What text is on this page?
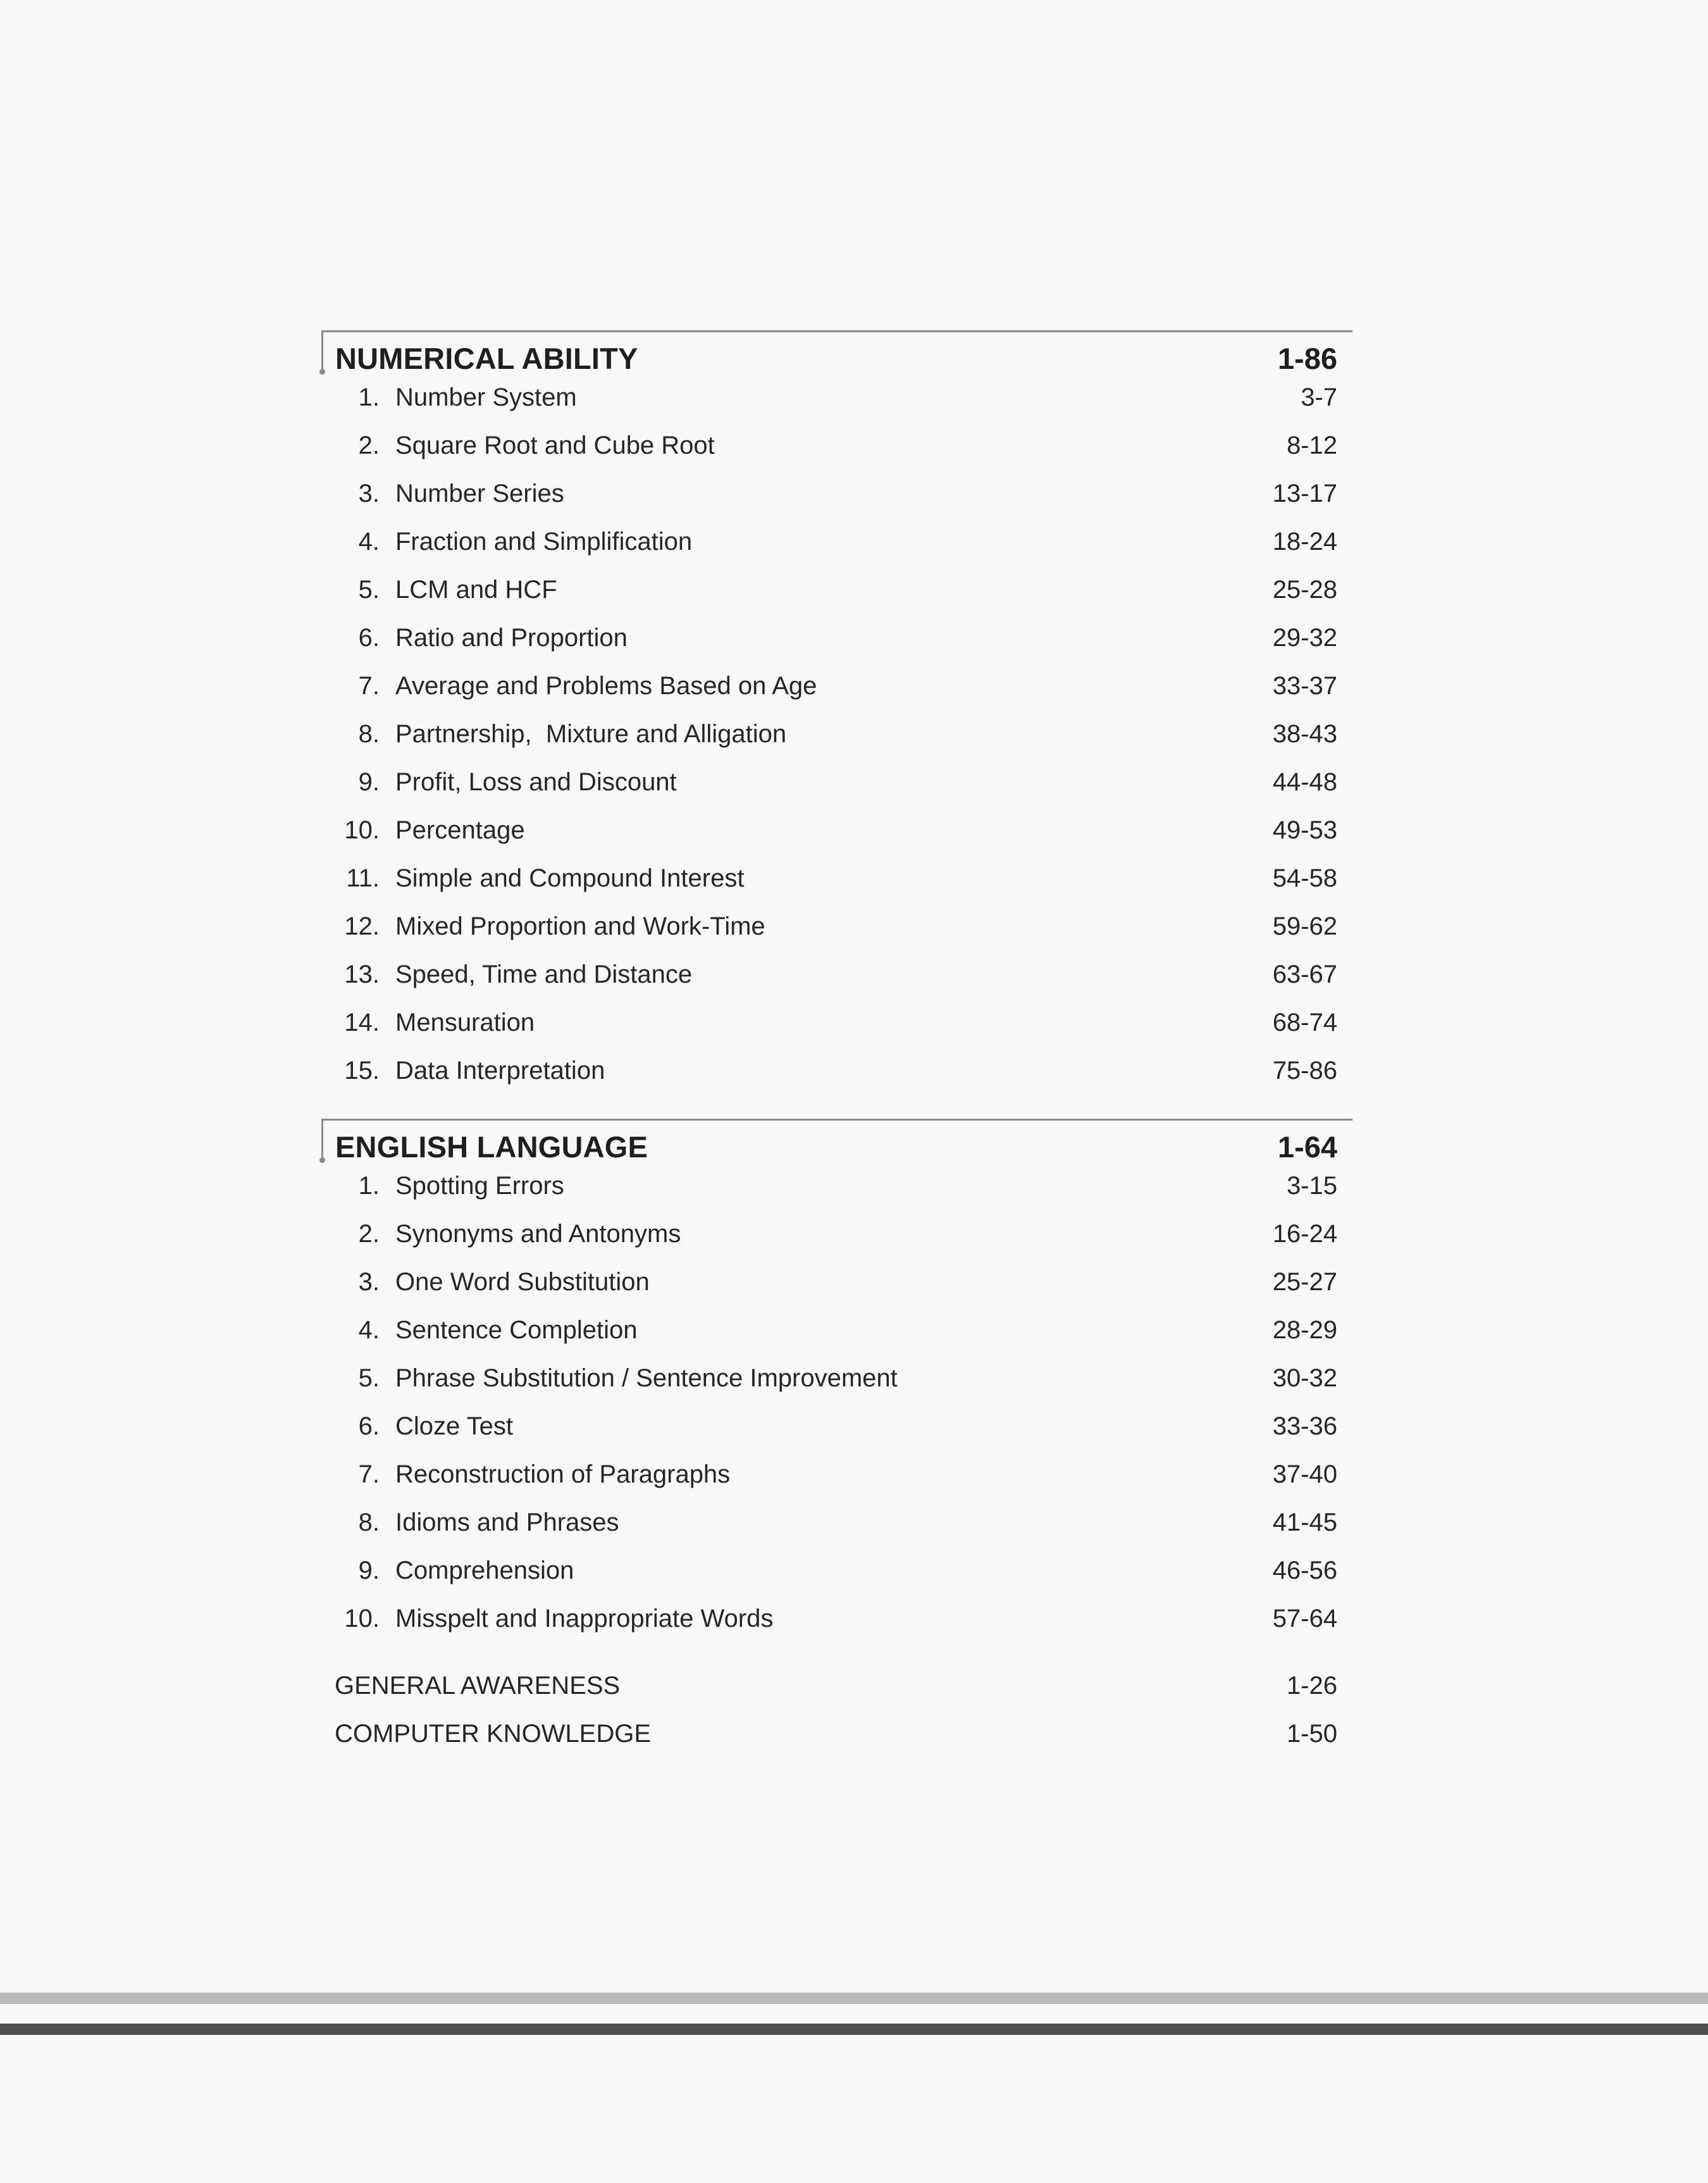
NUMERICAL ABILITY	1-86
1. Number System	3-7
2. Square Root and Cube Root	8-12
3. Number Series	13-17
4. Fraction and Simplification	18-24
5. LCM and HCF	25-28
6. Ratio and Proportion	29-32
7. Average and Problems Based on Age	33-37
8. Partnership,  Mixture and Alligation	38-43
9. Profit, Loss and Discount	44-48
10. Percentage	49-53
11. Simple and Compound Interest	54-58
12. Mixed Proportion and Work-Time	59-62
13. Speed, Time and Distance	63-67
14. Mensuration	68-74
15. Data Interpretation	75-86
ENGLISH LANGUAGE	1-64
1. Spotting Errors	3-15
2. Synonyms and Antonyms	16-24
3. One Word Substitution	25-27
4. Sentence Completion	28-29
5. Phrase Substitution / Sentence Improvement	30-32
6. Cloze Test	33-36
7. Reconstruction of Paragraphs	37-40
8. Idioms and Phrases	41-45
9. Comprehension	46-56
10. Misspelt and Inappropriate Words	57-64
GENERAL AWARENESS	1-26
COMPUTER KNOWLEDGE	1-50
